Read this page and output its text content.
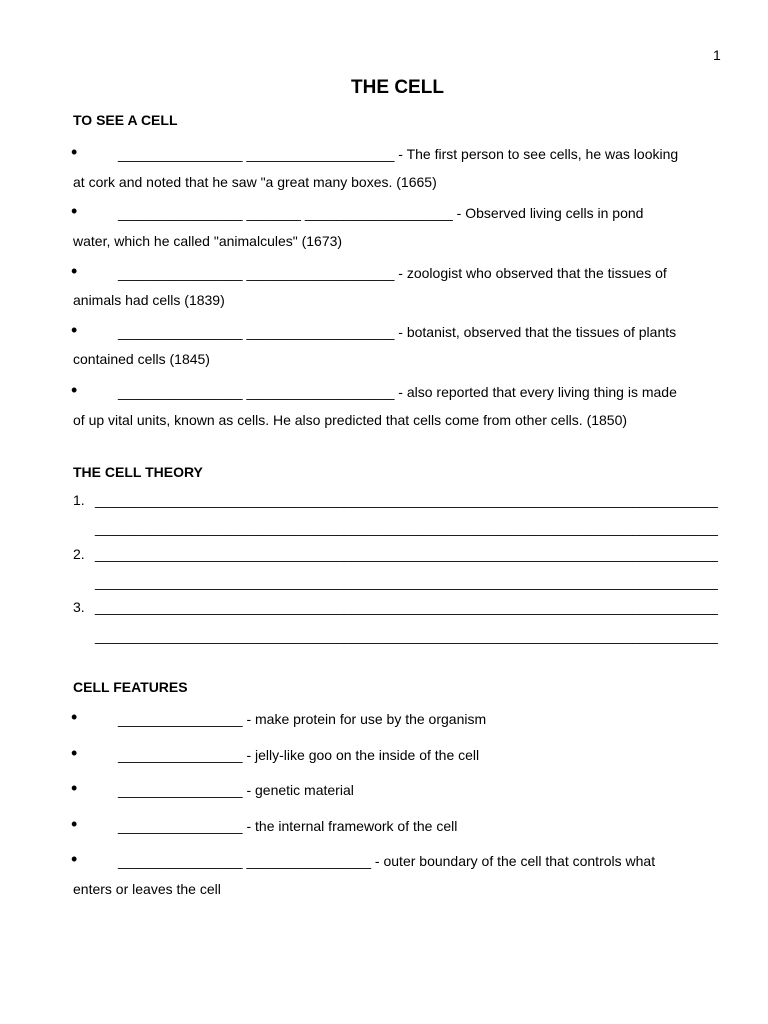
1
THE CELL
TO SEE A CELL
•	________________ ___________________ - The first person to see cells, he was looking
at cork and noted that he saw "a great many boxes. (1665)
•	________________ _______ ___________________ - Observed living cells in pond
water, which he called "animalcules" (1673)
•	________________ ___________________ - zoologist who observed that the tissues of
animals had cells (1839)
•	________________ ___________________ - botanist, observed that the tissues of plants
contained cells (1845)
•	________________ ___________________ - also reported that every living thing is made
of up vital units, known as cells. He also predicted that cells come from other cells. (1850)
THE CELL THEORY
1. ________________________________________________________________________________
________________________________________________________________________________
2. ________________________________________________________________________________
________________________________________________________________________________
3. ________________________________________________________________________________
________________________________________________________________________________
CELL FEATURES
•	________________ - make protein for use by the organism
•	________________ - jelly-like goo on the inside of the cell
•	________________ - genetic material
•	________________ - the internal framework of the cell
•	________________ ________________ - outer boundary of the cell that controls what
enters or leaves the cell
